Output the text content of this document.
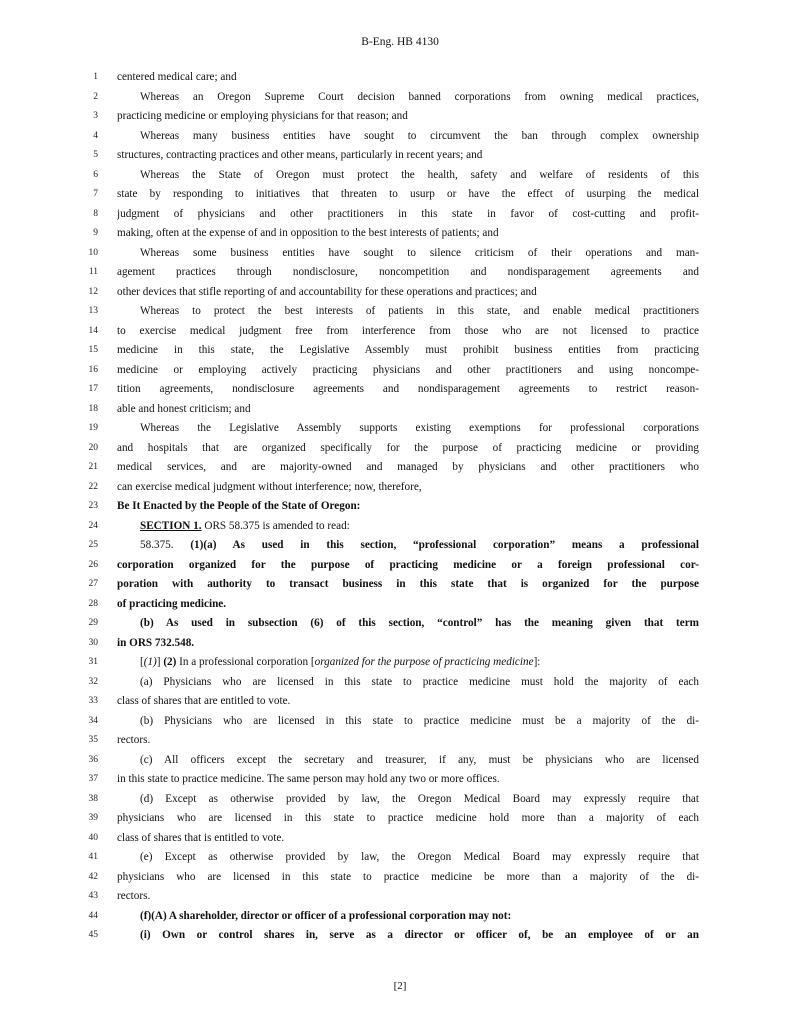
B-Eng. HB 4130
1 centered medical care; and
2	Whereas an Oregon Supreme Court decision banned corporations from owning medical practices,
3 practicing medicine or employing physicians for that reason; and
4	Whereas many business entities have sought to circumvent the ban through complex ownership
5 structures, contracting practices and other means, particularly in recent years; and
6	Whereas the State of Oregon must protect the health, safety and welfare of residents of this
7 state by responding to initiatives that threaten to usurp or have the effect of usurping the medical
8 judgment of physicians and other practitioners in this state in favor of cost-cutting and profit-
9 making, often at the expense of and in opposition to the best interests of patients; and
10	Whereas some business entities have sought to silence criticism of their operations and man-
11 agement practices through nondisclosure, noncompetition and nondisparagement agreements and
12 other devices that stifle reporting of and accountability for these operations and practices; and
13	Whereas to protect the best interests of patients in this state, and enable medical practitioners
14 to exercise medical judgment free from interference from those who are not licensed to practice
15 medicine in this state, the Legislative Assembly must prohibit business entities from practicing
16 medicine or employing actively practicing physicians and other practitioners and using noncompe-
17 tition agreements, nondisclosure agreements and nondisparagement agreements to restrict reason-
18 able and honest criticism; and
19	Whereas the Legislative Assembly supports existing exemptions for professional corporations
20 and hospitals that are organized specifically for the purpose of practicing medicine or providing
21 medical services, and are majority-owned and managed by physicians and other practitioners who
22 can exercise medical judgment without interference; now, therefore,
23 Be It Enacted by the People of the State of Oregon:
24	SECTION 1. ORS 58.375 is amended to read:
25	58.375. (1)(a) As used in this section, “professional corporation” means a professional
26 corporation organized for the purpose of practicing medicine or a foreign professional cor-
27 poration with authority to transact business in this state that is organized for the purpose
28 of practicing medicine.
29	(b) As used in subsection (6) of this section, “control” has the meaning given that term
30 in ORS 732.548.
31	[(1)] (2) In a professional corporation [organized for the purpose of practicing medicine]:
32	(a) Physicians who are licensed in this state to practice medicine must hold the majority of each
33 class of shares that are entitled to vote.
34	(b) Physicians who are licensed in this state to practice medicine must be a majority of the di-
35 rectors.
36	(c) All officers except the secretary and treasurer, if any, must be physicians who are licensed
37 in this state to practice medicine. The same person may hold any two or more offices.
38	(d) Except as otherwise provided by law, the Oregon Medical Board may expressly require that
39 physicians who are licensed in this state to practice medicine hold more than a majority of each
40 class of shares that is entitled to vote.
41	(e) Except as otherwise provided by law, the Oregon Medical Board may expressly require that
42 physicians who are licensed in this state to practice medicine be more than a majority of the di-
43 rectors.
44	(f)(A) A shareholder, director or officer of a professional corporation may not:
45	(i) Own or control shares in, serve as a director or officer of, be an employee of or an
[2]
